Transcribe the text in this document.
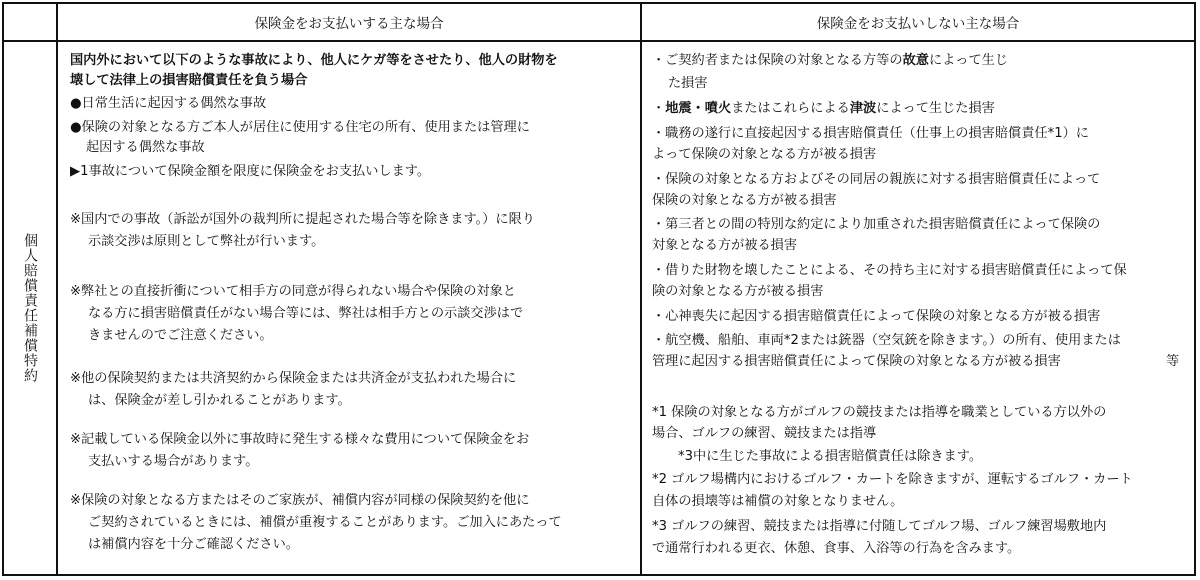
保険金をお支払いする主な場合	保険金をお支払いしない主な場合
個人賠償責任補償特約

国内外において以下のような事故により、他人にケガ等をさせたり、他人の財物を

壊して法律上の損害賠償責任を負う場合

●日常生活に起因する偶然な事故

●保険の対象となる方ご本人が居住に使用する住宅の所有、使用または管理に

起因する偶然な事故

▶1事故について保険金額を限度に保険金をお支払いします。

※国内での事故（訴訟が国外の裁判所に提起された場合等を除きます。）に限り

示談交渉は原則として弊社が行います。

※弊社との直接折衝について相手方の同意が得られない場合や保険の対象と

なる方に損害賠償責任がない場合等には、弊社は相手方との示談交渉はで

きませんのでご注意ください。

※他の保険契約または共済契約から保険金または共済金が支払われた場合に

は、保険金が差し引かれることがあります。

※記載している保険金以外に事故時に発生する様々な費用について保険金をお

支払いする場合があります。

※保険の対象となる方またはそのご家族が、補償内容が同様の保険契約を他に

ご契約されているときには、補償が重複することがあります。ご加入にあたって

は補償内容を十分ご確認ください。

・ご契約者または保険の対象となる方等の故意によって生じ

た損害

・地震・噴火またはこれらによる津波によって生じた損害

・職務の遂行に直接起因する損害賠償責任（仕事上の損害賠償責任*1）に

よって保険の対象となる方が被る損害

・保険の対象となる方およびその同居の親族に対する損害賠償責任によって

保険の対象となる方が被る損害

・第三者との間の特別な約定により加重された損害賠償責任によって保険の

対象となる方が被る損害

・借りた財物を壊したことによる、その持ち主に対する損害賠償責任によって保

険の対象となる方が被る損害

・心神喪失に起因する損害賠償責任によって保険の対象となる方が被る損害

・航空機、船舶、車両*2または銃器（空気銃を除きます。）の所有、使用または

管理に起因する損害賠償責任によって保険の対象となる方が被る損害	等

*1 保険の対象となる方がゴルフの競技または指導を職業としている方以外の

場合、ゴルフの練習、競技または指導

*3中に生じた事故による損害賠償責任は除きます。

*2 ゴルフ場構内におけるゴルフ・カートを除きますが、運転するゴルフ・カート

自体の損壊等は補償の対象となりません。

*3 ゴルフの練習、競技または指導に付随してゴルフ場、ゴルフ練習場敷地内

で通常行われる更衣、休憩、食事、入浴等の行為を含みます。
